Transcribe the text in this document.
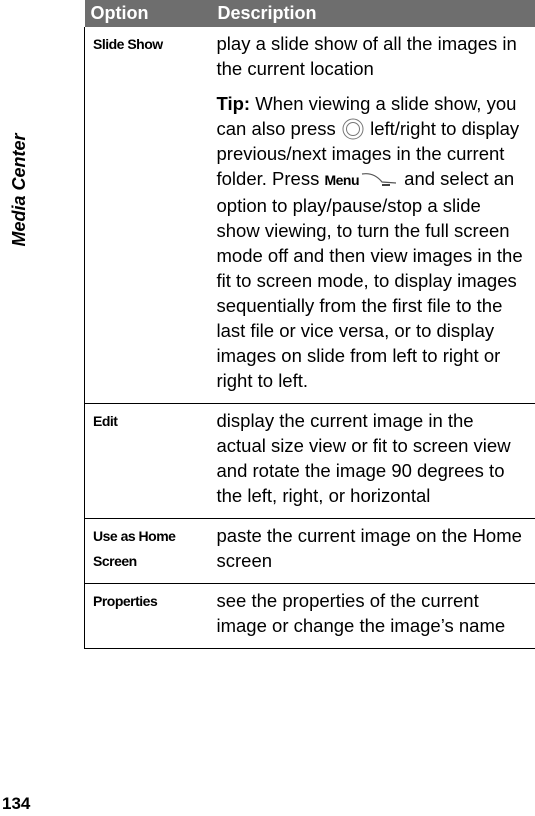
Media Center
Option	Description
Slide Show	play a slide show of all the images in the current location

Tip: When viewing a slide show, you can also press  left/right to display previous/next images in the current folder. Press Menu and select an option to play/pause/stop a slide show viewing, to turn the full screen mode off and then view images in the fit to screen mode, to display images sequentially from the first file to the last file or vice versa, or to display images on slide from left to right or right to left.

Edit	display the current image in the actual size view or fit to screen view and rotate the image 90 degrees to the left, right, or horizontal
Use as Home Screen	paste the current image on the Home screen
Properties	see the properties of the current image or change the image’s name
134
